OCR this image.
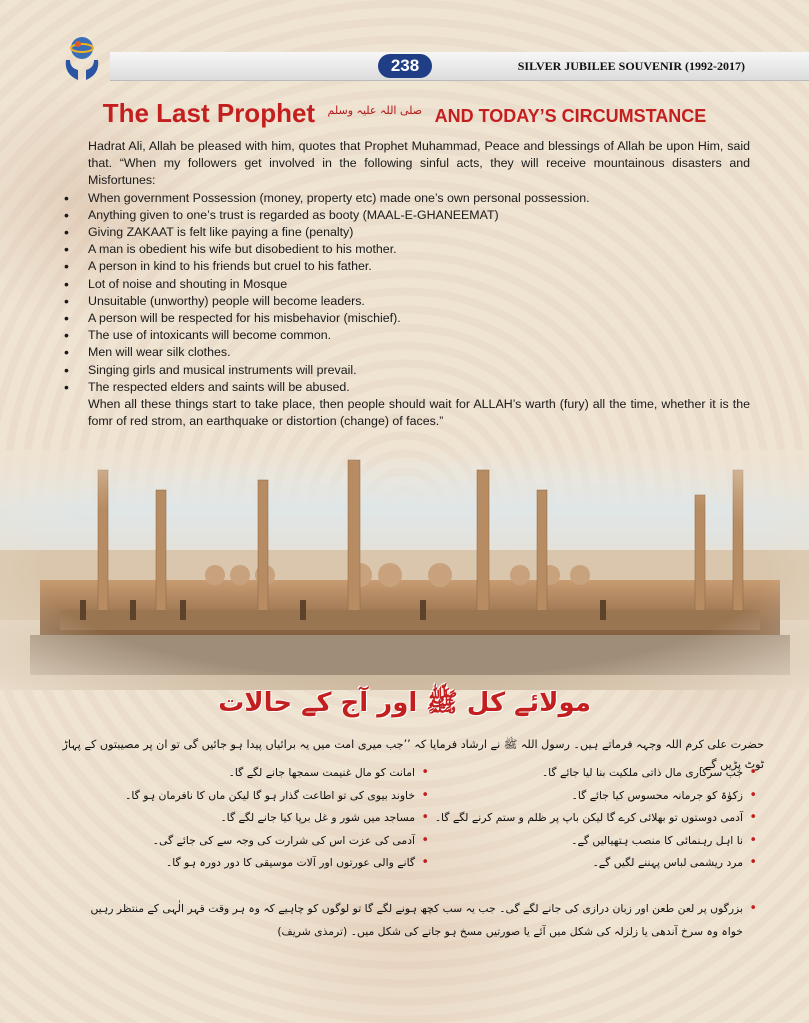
238	SILVER JUBILEE SOUVENIR (1992-2017)
The Last Prophet $^{صلی اللہ علیہ وسلم}$ AND TODAY’S CIRCUMSTANCE
Hadrat Ali, Allah be pleased with him, quotes that Prophet Muhammad, Peace and blessings of Allah be upon Him, said that. “When my followers get involved in the following sinful acts, they will receive mountainous disasters and Misfortunes:
• When government Possession (money, property etc) made one’s own personal possession.
• Anything given to one’s trust is regarded as booty (MAAL-E-GHANEEMAT)
• Giving ZAKAAT is felt like paying a fine (penalty)
• A man is obedient his wife but disobedient to his mother.
• A person in kind to his friends but cruel to his father.
• Lot of noise and shouting in Mosque
• Unsuitable (unworthy) people will become leaders.
• A person will be respected for his misbehavior (mischief).
• The use of intoxicants will become common.
• Men will wear silk clothes.
• Singing girls and musical instruments will prevail.
• The respected elders and saints will be abused.
When all these things start to take place, then people should wait for ALLAH’s warth (fury) all the time, whether it is the fomr of red strom, an earthquake or distortion (change) of faces.”
مولائے کل ﷺ اور آج کے حالات
حضرت علی کرم اللہ وجہہ فرماتے ہیں۔ رسول اللہ ﷺ نے ارشاد فرمایا کہ ’’جب میری امت میں یہ برائیاں پیدا ہو جائیں گی تو ان پر مصیبتوں کے پہاڑ ٹوٹ پڑیں گے۔
• جب سرکاری مال ذاتی ملکیت بنا لیا جائے گا۔
• زکوٰۃ کو جرمانہ محسوس کیا جائے گا۔
• آدمی دوستوں تو بھلائی کرے گا لیکن باپ پر ظلم و ستم کرنے لگے گا۔
• نا اہل رہنمائی کا منصب ہتھیالیں گے۔
• مرد ریشمی لباس پہننے لگیں گے۔
• امانت کو مال غنیمت سمجھا جانے لگے گا۔
• خاوند بیوی کی تو اطاعت گذار ہو گا لیکن ماں کا نافرمان ہو گا۔
• مساجد میں شور و غل برپا کیا جانے لگے گا۔
• آدمی کی عزت اس کی شرارت کی وجہ سے کی جائے گی۔
• گانے والی عورتوں اور آلات موسیقی کا دور دورہ ہو گا۔
• بزرگوں پر لعن طعن اور زبان درازی کی جانے لگے گی۔ جب یہ سب کچھ ہونے لگے گا تو لوگوں کو چاہیے کہ وہ ہر وقت قہر الٰہی کے منتظر رہیں
خواہ وہ سرخ آندھی یا زلزلہ کی شکل میں آئے یا صورتیں مسخ ہو جانے کی شکل میں۔ (ترمذی شریف)
